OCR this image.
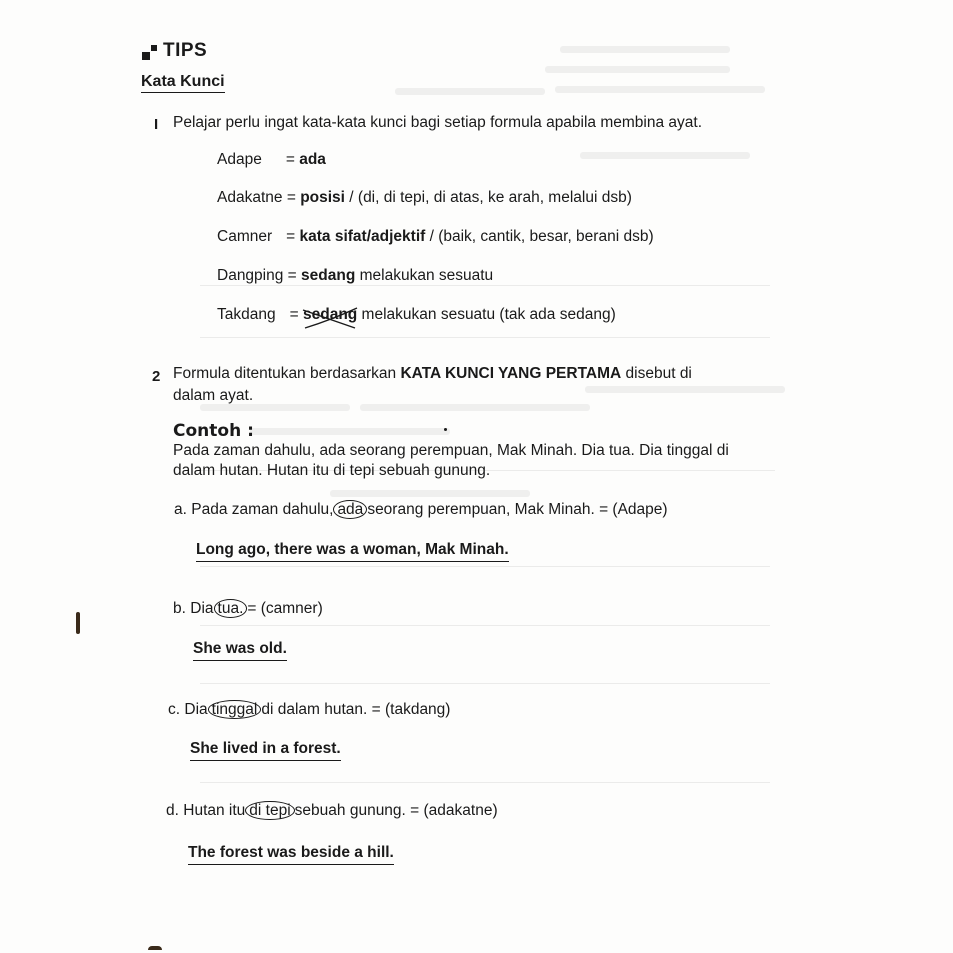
TIPS
Kata Kunci
I Pelajar perlu ingat kata-kata kunci bagi setiap formula apabila membina ayat.
Adape = ada
Adakatne = posisi / (di, di tepi, di atas, ke arah, melalui dsb)
Camner = kata sifat/adjektif / (baik, cantik, besar, berani dsb)
Dangping = sedang melakukan sesuatu
Takdang = sedang
melakukan sesuatu (tak ada sedang)
2 Formula ditentukan berdasarkan KATA KUNCI YANG PERTAMA disebut di
dalam ayat.
Contoh :
Pada zaman dahulu, ada seorang perempuan, Mak Minah. Dia tua. Dia tinggal di
dalam hutan. Hutan itu di tepi sebuah gunung.
a. Pada zaman dahulu, ada seorang perempuan, Mak Minah. = (Adape)
Long ago, there was a woman, Mak Minah.
b. Dia tua. = (camner)
She was old.
c. Dia tinggal di dalam hutan. = (takdang)
She lived in a forest.
d. Hutan itu di tepi sebuah gunung. = (adakatne)
The forest was beside a hill.
